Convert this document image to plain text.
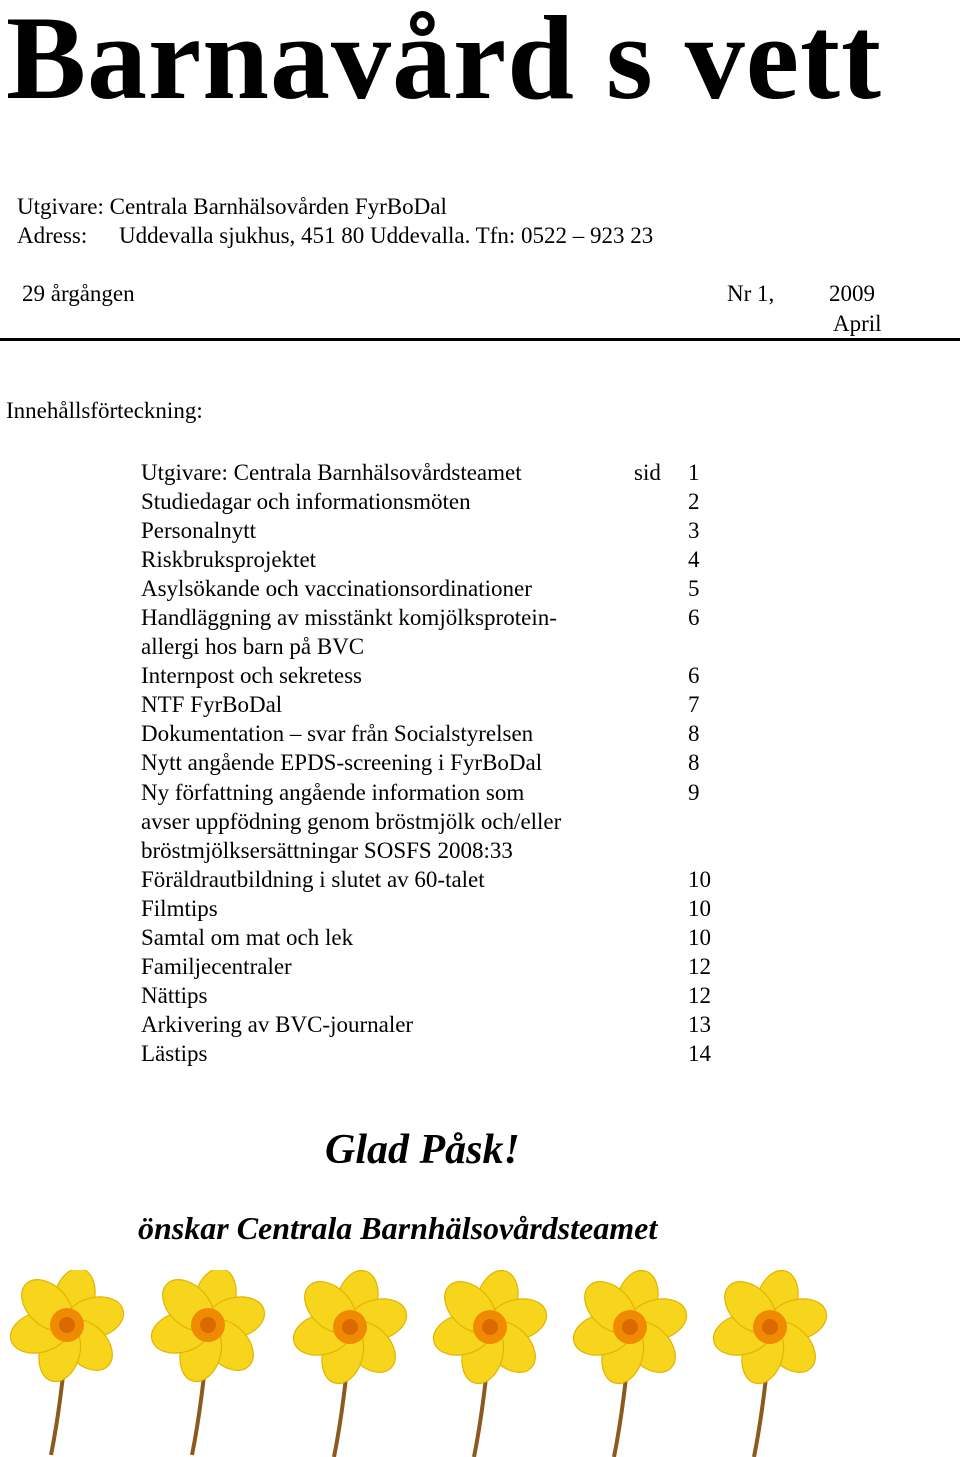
Barnavård s vett
Utgivare: Centrala Barnhälsovården FyrBoDal
Adress: Uddevalla sjukhus, 451 80 Uddevalla. Tfn: 0522 – 923 23
29 årgången	Nr 1, 2009
April
Innehållsförteckning:
Utgivare: Centrala Barnhälsovårdsteamet	sid 1
Studiedagar och informationsmöten	2
Personalnytt	3
Riskbruksprojektet	4
Asylsökande och vaccinationsordinationer	5
Handläggning av misstänkt komjölksprotein-
allergi hos barn på BVC
6
Internpost och sekretess	6
NTF FyrBoDal	7
Dokumentation – svar från Socialstyrelsen	8
Nytt angående EPDS-screening i FyrBoDal	8
Ny författning angående information som
avser uppfödning genom bröstmjölk och/eller
bröstmjölksersättningar SOSFS 2008:33
9
Föräldrautbildning i slutet av 60-talet	10
Filmtips	10
Samtal om mat och lek	10
Familjecentraler	12
Nättips	12
Arkivering av BVC-journaler	13
Lästips	14
Glad Påsk!
önskar Centrala Barnhälsovårdsteamet
